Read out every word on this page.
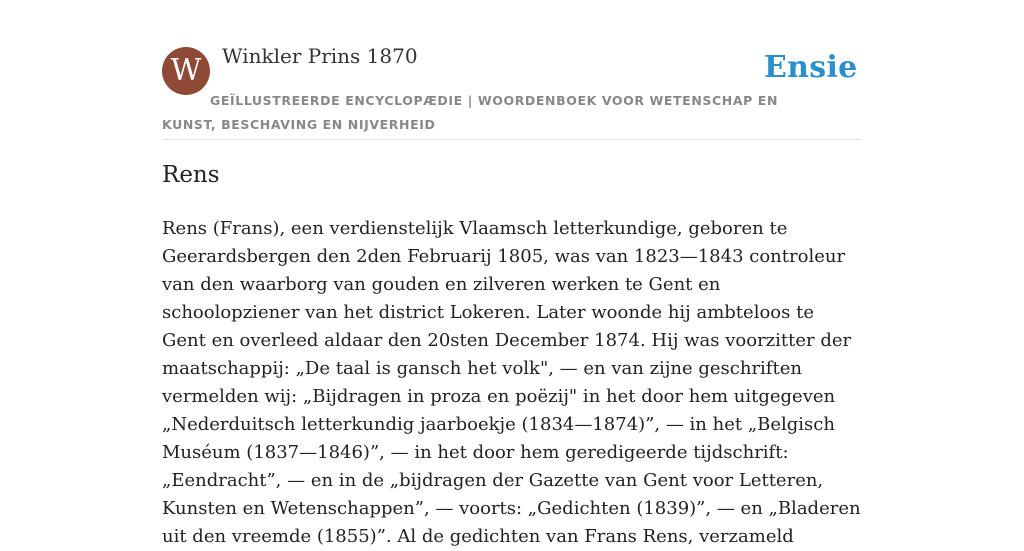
W	Winkler Prins 1870	Ensie
GEÏLLUSTREERDE ENCYCLOPÆDIE | WOORDENBOEK VOOR WETENSCHAP EN KUNST, BESCHAVING EN NIJVERHEID
Rens

Rens (Frans), een verdienstelijk Vlaamsch letterkundige, geboren te Geerardsbergen den 2den Februarij 1805, was van 1823—1843 controleur van den waarborg van gouden en zilveren werken te Gent en schoolopziener van het district Lokeren. Later woonde hij ambteloos te Gent en overleed aldaar den 20sten December 1874. Hij was voorzitter der maatschappij: „De taal is gansch het volk", — en van zijne geschriften vermelden wij: „Bijdragen in proza en poëzij" in het door hem uitgegeven „Nederduitsch letterkundig jaarboekje (1834—1874)”, — in het „Belgisch Muséum (1837—1846)”, — in het door hem geredigeerde tijdschrift: „Eendracht”, — en in de „bijdragen der Gazette van Gent voor Letteren, Kunsten en Wetenschappen”, — voorts: „Gedichten (1839)”, — en „Bladeren uit den vreemde (1855)”. Al de gedichten van Frans Rens, verzameld
